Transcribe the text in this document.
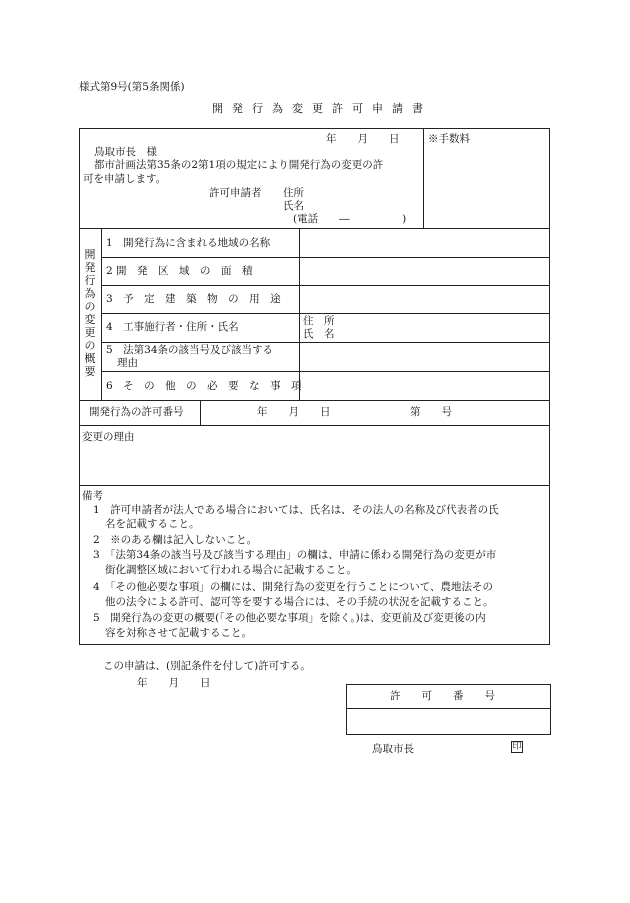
様式第9号(第5条関係)
開発行為変更許可申請書
年　　月　　日	※手数料
鳥取市長　様
都市計画法第35条の2第1項の規定により開発行為の変更の許
可を申請します。
許可申請者 住所
氏名
(電話　　―　　　　　)
開発行為の変更の概要
1　開発行為に含まれる地域の名称
2 開　発　区　域　の　面　積
3　予　定　建　築　物　の　用　途
4　工事施行者・住所・氏名	住　所
氏　名
5　法第34条の該当号及び該当する
理由
6　そ　の　他　の　必　要　な　事　項
開発行為の許可番号	年　　月　　日	第　　号
変更の理由
備考
1　許可申請者が法人である場合においては、氏名は、その法人の名称及び代表者の氏
名を記載すること。
2　※のある欄は記入しないこと。
3　「法第34条の該当号及び該当する理由」の欄は、申請に係わる開発行為の変更が市
街化調整区域において行われる場合に記載すること。
4　「その他必要な事項」の欄には、開発行為の変更を行うことについて、農地法その
他の法令による許可、認可等を要する場合には、その手続の状況を記載すること。
5　開発行為の変更の概要(「その他必要な事項」を除く。)は、変更前及び変更後の内
容を対称させて記載すること。
この申請は、(別記条件を付して)許可する。
年　　月　　日
許　　可　　番　　号
鳥取市長	印
